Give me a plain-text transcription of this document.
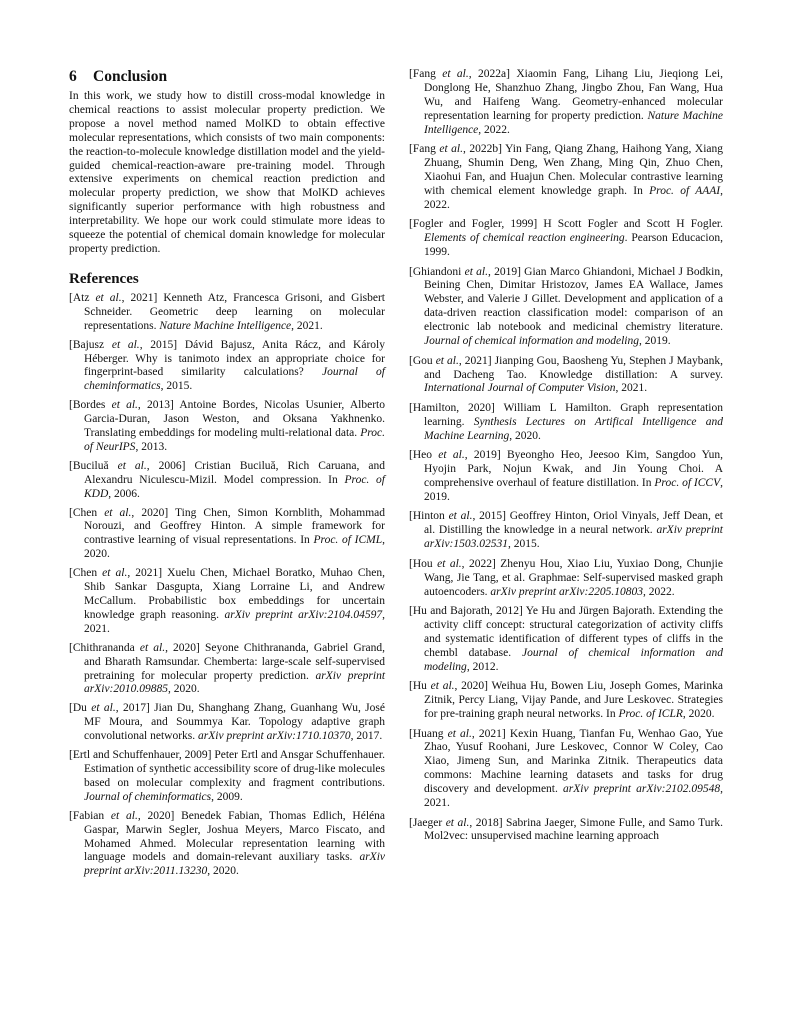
6 Conclusion

In this work, we study how to distill cross-modal knowledge in chemical reactions to assist molecular property prediction. We propose a novel method named MolKD to obtain effective molecular representations, which consists of two main components: the reaction-to-molecule knowledge distillation model and the yield-guided chemical-reaction-aware pre-training model. Through extensive experiments on chemical reaction prediction and molecular property prediction, we show that MolKD achieves significantly superior performance with high robustness and interpretability. We hope our work could stimulate more ideas to squeeze the potential of chemical domain knowledge for molecular property prediction.

References

[Atz et al., 2021] Kenneth Atz, Francesca Grisoni, and Gisbert Schneider. Geometric deep learning on molecular representations. Nature Machine Intelligence, 2021.

[Bajusz et al., 2015] Dávid Bajusz, Anita Rácz, and Károly Héberger. Why is tanimoto index an appropriate choice for fingerprint-based similarity calculations? Journal of cheminformatics, 2015.

[Bordes et al., 2013] Antoine Bordes, Nicolas Usunier, Alberto Garcia-Duran, Jason Weston, and Oksana Yakhnenko. Translating embeddings for modeling multi-relational data. Proc. of NeurIPS, 2013.

[Buciluă et al., 2006] Cristian Buciluă, Rich Caruana, and Alexandru Niculescu-Mizil. Model compression. In Proc. of KDD, 2006.

[Chen et al., 2020] Ting Chen, Simon Kornblith, Mohammad Norouzi, and Geoffrey Hinton. A simple framework for contrastive learning of visual representations. In Proc. of ICML, 2020.

[Chen et al., 2021] Xuelu Chen, Michael Boratko, Muhao Chen, Shib Sankar Dasgupta, Xiang Lorraine Li, and Andrew McCallum. Probabilistic box embeddings for uncertain knowledge graph reasoning. arXiv preprint arXiv:2104.04597, 2021.

[Chithrananda et al., 2020] Seyone Chithrananda, Gabriel Grand, and Bharath Ramsundar. Chemberta: large-scale self-supervised pretraining for molecular property prediction. arXiv preprint arXiv:2010.09885, 2020.

[Du et al., 2017] Jian Du, Shanghang Zhang, Guanhang Wu, José MF Moura, and Soummya Kar. Topology adaptive graph convolutional networks. arXiv preprint arXiv:1710.10370, 2017.

[Ertl and Schuffenhauer, 2009] Peter Ertl and Ansgar Schuffenhauer. Estimation of synthetic accessibility score of drug-like molecules based on molecular complexity and fragment contributions. Journal of cheminformatics, 2009.

[Fabian et al., 2020] Benedek Fabian, Thomas Edlich, Héléna Gaspar, Marwin Segler, Joshua Meyers, Marco Fiscato, and Mohamed Ahmed. Molecular representation learning with language models and domain-relevant auxiliary tasks. arXiv preprint arXiv:2011.13230, 2020.

[Fang et al., 2022a] Xiaomin Fang, Lihang Liu, Jieqiong Lei, Donglong He, Shanzhuo Zhang, Jingbo Zhou, Fan Wang, Hua Wu, and Haifeng Wang. Geometry-enhanced molecular representation learning for property prediction. Nature Machine Intelligence, 2022.

[Fang et al., 2022b] Yin Fang, Qiang Zhang, Haihong Yang, Xiang Zhuang, Shumin Deng, Wen Zhang, Ming Qin, Zhuo Chen, Xiaohui Fan, and Huajun Chen. Molecular contrastive learning with chemical element knowledge graph. In Proc. of AAAI, 2022.

[Fogler and Fogler, 1999] H Scott Fogler and Scott H Fogler. Elements of chemical reaction engineering. Pearson Educacion, 1999.

[Ghiandoni et al., 2019] Gian Marco Ghiandoni, Michael J Bodkin, Beining Chen, Dimitar Hristozov, James EA Wallace, James Webster, and Valerie J Gillet. Development and application of a data-driven reaction classification model: comparison of an electronic lab notebook and medicinal chemistry literature. Journal of chemical information and modeling, 2019.

[Gou et al., 2021] Jianping Gou, Baosheng Yu, Stephen J Maybank, and Dacheng Tao. Knowledge distillation: A survey. International Journal of Computer Vision, 2021.

[Hamilton, 2020] William L Hamilton. Graph representation learning. Synthesis Lectures on Artifical Intelligence and Machine Learning, 2020.

[Heo et al., 2019] Byeongho Heo, Jeesoo Kim, Sangdoo Yun, Hyojin Park, Nojun Kwak, and Jin Young Choi. A comprehensive overhaul of feature distillation. In Proc. of ICCV, 2019.

[Hinton et al., 2015] Geoffrey Hinton, Oriol Vinyals, Jeff Dean, et al. Distilling the knowledge in a neural network. arXiv preprint arXiv:1503.02531, 2015.

[Hou et al., 2022] Zhenyu Hou, Xiao Liu, Yuxiao Dong, Chunjie Wang, Jie Tang, et al. Graphmae: Self-supervised masked graph autoencoders. arXiv preprint arXiv:2205.10803, 2022.

[Hu and Bajorath, 2012] Ye Hu and Jürgen Bajorath. Extending the activity cliff concept: structural categorization of activity cliffs and systematic identification of different types of cliffs in the chembl database. Journal of chemical information and modeling, 2012.

[Hu et al., 2020] Weihua Hu, Bowen Liu, Joseph Gomes, Marinka Zitnik, Percy Liang, Vijay Pande, and Jure Leskovec. Strategies for pre-training graph neural networks. In Proc. of ICLR, 2020.

[Huang et al., 2021] Kexin Huang, Tianfan Fu, Wenhao Gao, Yue Zhao, Yusuf Roohani, Jure Leskovec, Connor W Coley, Cao Xiao, Jimeng Sun, and Marinka Zitnik. Therapeutics data commons: Machine learning datasets and tasks for drug discovery and development. arXiv preprint arXiv:2102.09548, 2021.

[Jaeger et al., 2018] Sabrina Jaeger, Simone Fulle, and Samo Turk. Mol2vec: unsupervised machine learning approach
